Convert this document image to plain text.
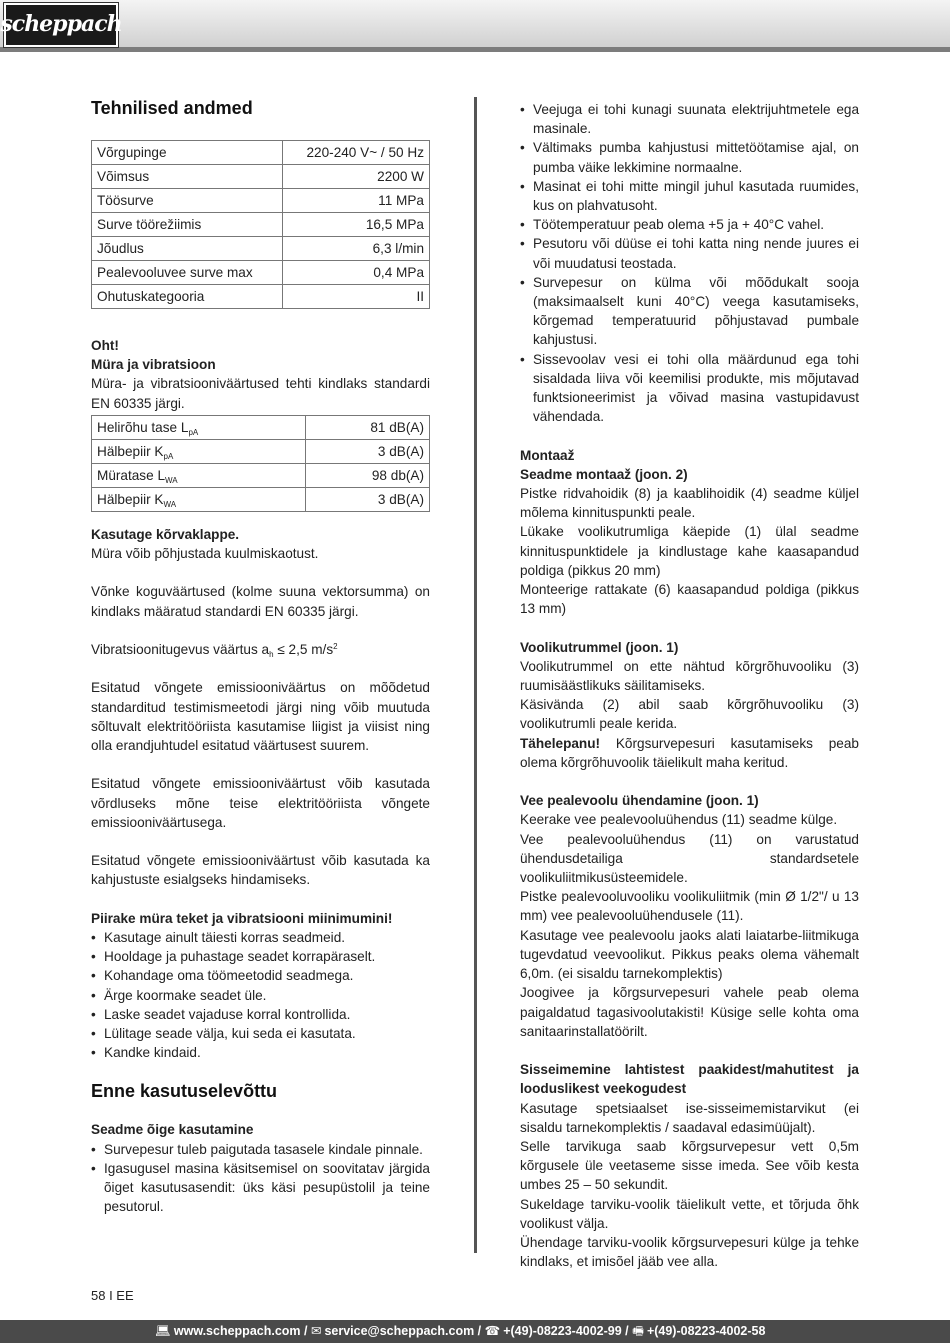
scheppach
Tehnilised andmed
Võrgupinge	220-240 V~ / 50 Hz
Võimsus	2200 W
Töösurve	11 MPa
Surve töörežiimis	16,5 MPa
Jõudlus	6,3 l/min
Pealevooluvee surve max	0,4 MPa
Ohutuskategooria	II

Oht!

Müra ja vibratsioon

Müra- ja vibratsiooniväärtused tehti kindlaks standardi EN 60335 järgi.

Helirõhu tase $L_{pA}$	81 dB(A)
Hälbepiir $K_{pA}$	3 dB(A)
Müratase $L_{WA}$	98 db(A)
Hälbepiir $K_{WA}$	3 dB(A)

Kasutage kõrvaklappe.

Müra võib põhjustada kuulmiskaotust.

Võnke koguväärtused (kolme suuna vektorsumma) on kindlaks määratud standardi EN 60335 järgi.

Vibratsioonitugevus väärtus $a_h \le 2,5$ $m/s^2$

Esitatud võngete emissiooniväärtus on mõõdetud standarditud testimismeetodi järgi ning võib muutuda sõltuvalt elektritööriista kasutamise liigist ja viisist ning olla erandjuhtudel esitatud väärtusest suurem.

Esitatud võngete emissiooniväärtust võib kasutada võrdluseks mõne teise elektritööriista võngete emissiooniväärtusega.

Esitatud võngete emissiooniväärtust võib kasutada ka kahjustuste esialgseks hindamiseks.

Piirake müra teket ja vibratsiooni miinimumini!

• Kasutage ainult täiesti korras seadmeid.
• Hooldage ja puhastage seadet korrapäraselt.
• Kohandage oma töömeetodid seadmega.
• Ärge koormake seadet üle.
• Laske seadet vajaduse korral kontrollida.
• Lülitage seade välja, kui seda ei kasutata.
• Kandke kindaid.
Enne kasutuselevõttu

Seadme õige kasutamine

• Survepesur tuleb paigutada tasasele kindale pinnale.
• Igasugusel masina käsitsemisel on soovitatav järgida õiget kasutusasendit: üks käsi pesupüstolil ja teine pesutorul.
• Veejuga ei tohi kunagi suunata elektrijuhtmetele ega masinale.
• Vältimaks pumba kahjustusi mittetöötamise ajal, on pumba väike lekkimine normaalne.
• Masinat ei tohi mitte mingil juhul kasutada ruumides, kus on plahvatusoht.
• Töötemperatuur peab olema +5 ja + 40°C vahel.
• Pesutoru või düüse ei tohi katta ning nende juures ei või muudatusi teostada.
• Survepesur on külma või mõõdukalt sooja (maksimaalselt kuni 40°C) veega kasutamiseks, kõrgemad temperatuurid põhjustavad pumbale kahjustusi.
• Sissevoolav vesi ei tohi olla määrdunud ega tohi sisaldada liiva või keemilisi produkte, mis mõjutavad funktsioneerimist ja võivad masina vastupidavust vähendada.

Montaaž

Seadme montaaž (joon. 2)

Pistke ridvahoidik (8) ja kaablihoidik (4) seadme küljel mõlema kinnituspunkti peale.

Lükake voolikutrumliga käepide (1) ülal seadme kinnituspunktidele ja kindlustage kahe kaasapandud poldiga (pikkus 20 mm)

Monteerige rattakate (6) kaasapandud poldiga (pikkus 13 mm)

Voolikutrummel (joon. 1)

Voolikutrummel on ette nähtud kõrgrõhuvooliku (3) ruumisäästlikuks säilitamiseks.

Käsivända (2) abil saab kõrgrõhuvooliku (3) voolikutrumli peale kerida.

Tähelepanu! Kõrgsurvepesuri kasutamiseks peab olema kõrgrõhuvoolik täielikult maha keritud.

Vee pealevoolu ühendamine (joon. 1)

Keerake vee pealevooluühendus (11) seadme külge.

Vee pealevooluühendus (11) on varustatud ühendusdetailiga standardsetele voolikuliitmikusüsteemidele.

Pistke pealevooluvooliku voolikuliitmik (min Ø 1/2"/ u 13 mm) vee pealevooluühendusele (11).

Kasutage vee pealevoolu jaoks alati laiatarbe-liitmikuga tugevdatud veevoolikut. Pikkus peaks olema vähemalt 6,0m. (ei sisaldu tarnekomplektis)

Joogivee ja kõrgsurvepesuri vahele peab olema paigaldatud tagasivoolutakisti! Küsige selle kohta oma sanitaarinstallatöörilt.

Sisseimemine lahtistest paakidest/mahutitest ja looduslikest veekogudest

Kasutage spetsiaalset ise-sisseimemistarvikut (ei sisaldu tarnekomplektis / saadaval edasimüüjalt).

Selle tarvikuga saab kõrgsurvepesur vett 0,5m kõrgusele üle veetaseme sisse imeda. See võib kesta umbes 25 – 50 sekundit.

Sukeldage tarviku-voolik täielikult vette, et tõrjuda õhk voolikust välja.

Ühendage tarviku-voolik kõrgsurvepesuri külge ja tehke kindlaks, et imisõel jääb vee alla.

58 I EE
💻︎ www.scheppach.com / ✉︎ service@scheppach.com / ☎︎ +(49)-08223-4002-99 / 🖷︎ +(49)-08223-4002-58
